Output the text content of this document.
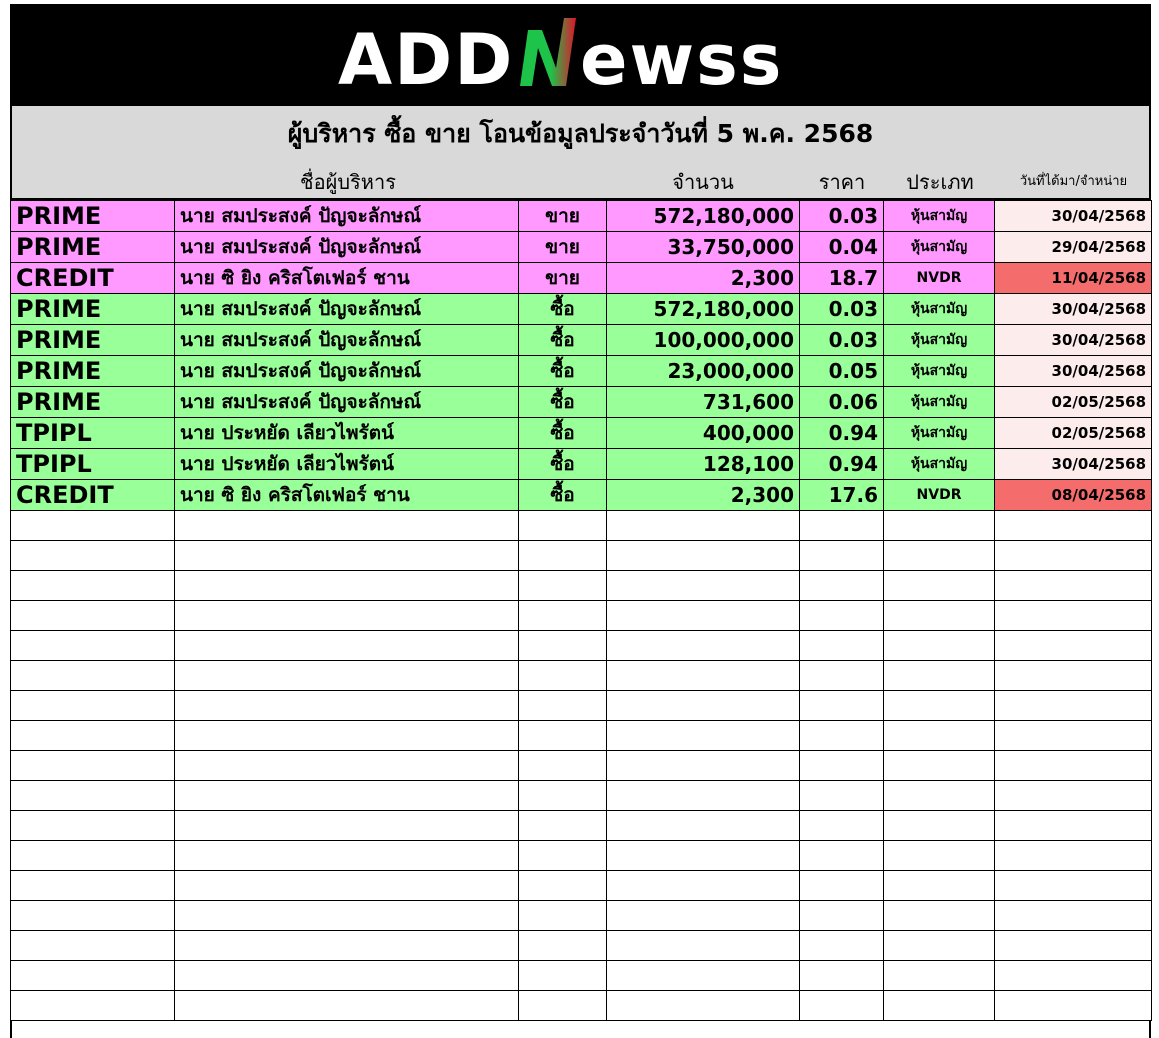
ADD ewss
ผู้บริหาร ซื้อ ขาย โอนข้อมูลประจำวันที่ 5 พ.ค. 2568
ชื่อผู้บริหาร	จำนวน	ราคา	ประเภท	วันที่ได้มา/จำหน่าย
PRIME	นาย สมประสงค์ ปัญจะลักษณ์	ขาย	572,180,000	0.03	หุ้นสามัญ	30/04/2568
PRIME	นาย สมประสงค์ ปัญจะลักษณ์	ขาย	33,750,000	0.04	หุ้นสามัญ	29/04/2568
CREDIT	นาย ซิ ยิง คริสโตเฟอร์ ชาน	ขาย	2,300	18.7	NVDR	11/04/2568
PRIME	นาย สมประสงค์ ปัญจะลักษณ์	ซื้อ	572,180,000	0.03	หุ้นสามัญ	30/04/2568
PRIME	นาย สมประสงค์ ปัญจะลักษณ์	ซื้อ	100,000,000	0.03	หุ้นสามัญ	30/04/2568
PRIME	นาย สมประสงค์ ปัญจะลักษณ์	ซื้อ	23,000,000	0.05	หุ้นสามัญ	30/04/2568
PRIME	นาย สมประสงค์ ปัญจะลักษณ์	ซื้อ	731,600	0.06	หุ้นสามัญ	02/05/2568
TPIPL	นาย ประหยัด เลียวไพรัตน์	ซื้อ	400,000	0.94	หุ้นสามัญ	02/05/2568
TPIPL	นาย ประหยัด เลียวไพรัตน์	ซื้อ	128,100	0.94	หุ้นสามัญ	30/04/2568
CREDIT	นาย ซิ ยิง คริสโตเฟอร์ ชาน	ซื้อ	2,300	17.6	NVDR	08/04/2568
